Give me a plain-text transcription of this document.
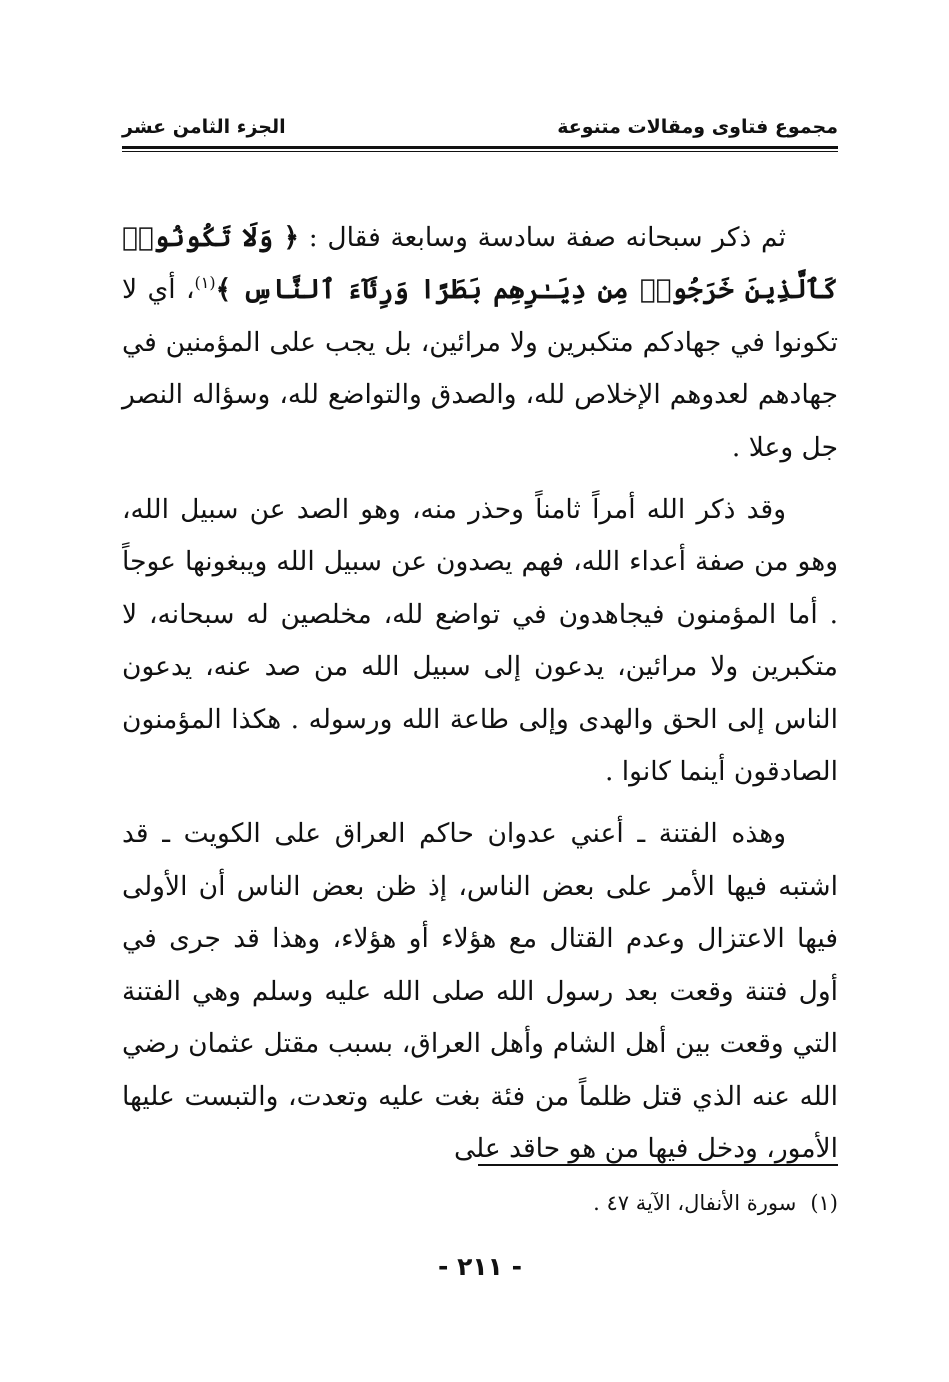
مجموع فتاوى ومقالات متنوعة
الجزء الثامن عشر

ثم ذكر سبحانه صفة سادسة وسابعة فقال : ﴿ وَلَا تَكُونُوا۟ كَٱلَّذِينَ خَرَجُوا۟ مِن دِيَـٰرِهِم بَطَرًا وَرِئَآءَ ٱلنَّاسِ ﴾$^{(١)}$، أي لا تكونوا في جهادكم متكبرين ولا مرائين، بل يجب على المؤمنين في جهادهم لعدوهم الإخلاص لله، والصدق والتواضع لله، وسؤاله النصر جل وعلا .

وقد ذكر الله أمراً ثامناً وحذر منه، وهو الصد عن سبيل الله، وهو من صفة أعداء الله، فهم يصدون عن سبيل الله ويبغونها عوجاً . أما المؤمنون فيجاهدون في تواضع لله، مخلصين له سبحانه، لا متكبرين ولا مرائين، يدعون إلى سبيل الله من صد عنه، يدعون الناس إلى الحق والهدى وإلى طاعة الله ورسوله . هكذا المؤمنون الصادقون أينما كانوا .

وهذه الفتنة ـ أعني عدوان حاكم العراق على الكويت ـ قد اشتبه فيها الأمر على بعض الناس، إذ ظن بعض الناس أن الأولى فيها الاعتزال وعدم القتال مع هؤلاء أو هؤلاء، وهذا قد جرى في أول فتنة وقعت بعد رسول الله صلى الله عليه وسلم وهي الفتنة التي وقعت بين أهل الشام وأهل العراق، بسبب مقتل عثمان رضي الله عنه الذي قتل ظلماً من فئة بغت عليه وتعدت، والتبست عليها الأمور، ودخل فيها من هو حاقد على

(١)سورة الأنفال، الآية ٤٧ .
- ٢١١ -
